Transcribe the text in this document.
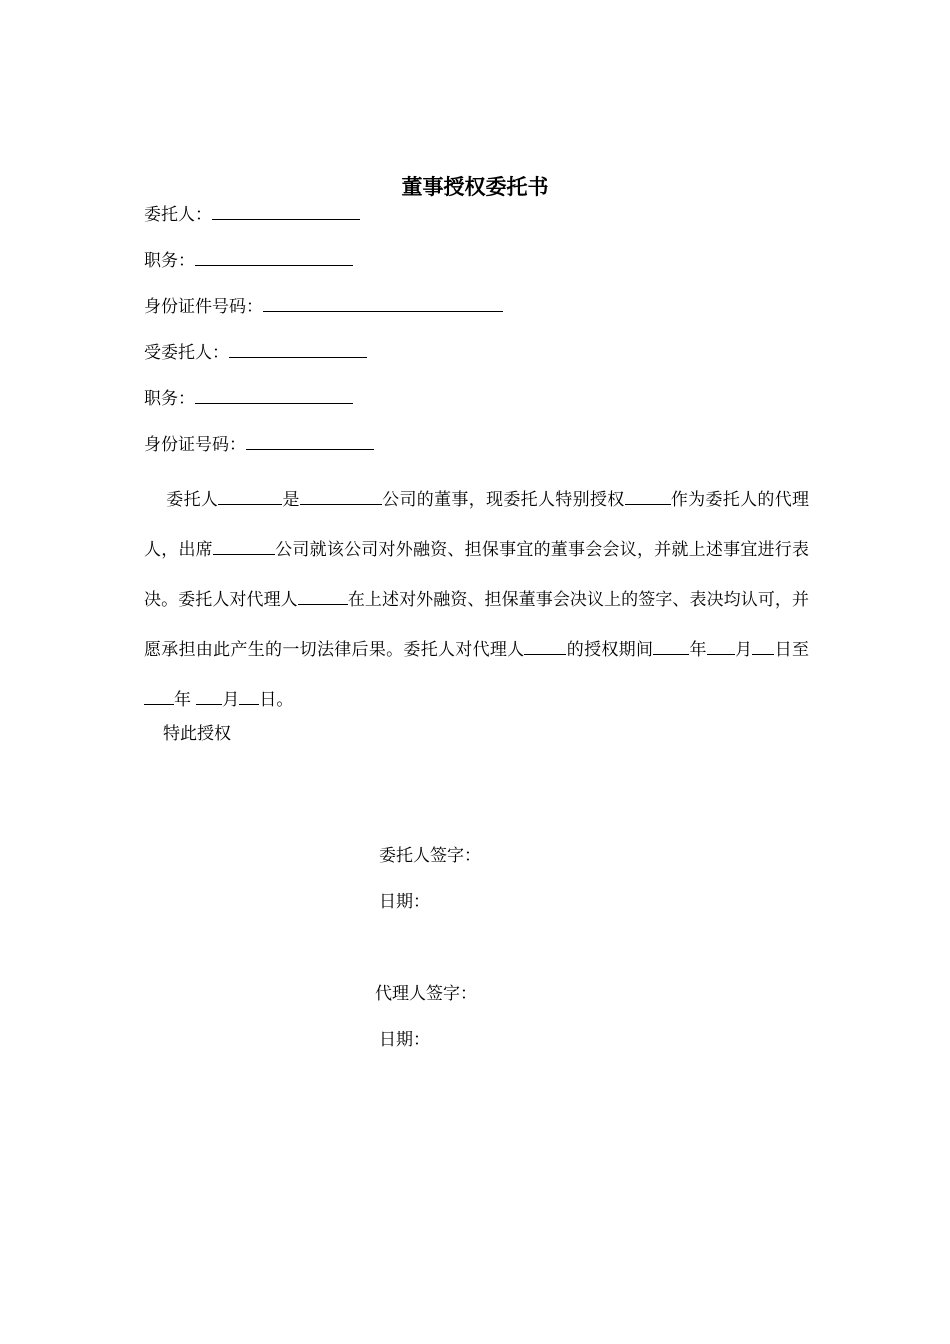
董事授权委托书
委托人：
职务：
身份证件号码：
受委托人：
职务：
身份证号码：
委托人	是	公司的董事，现委托人特别授权	作为委托人的代理人，出席	公司就该公司对外融资、担保事宜的董事会会议，并就上述事宜进行表决。委托人对代理人	在上述对外融资、担保董事会决议上的签字、表决均认可，并愿承担由此产生的一切法律后果。委托人对代理人 的授权期间 年 月 日至年 月 日。
特此授权
委托人签字：
日期：
代理人签字：
日期：
